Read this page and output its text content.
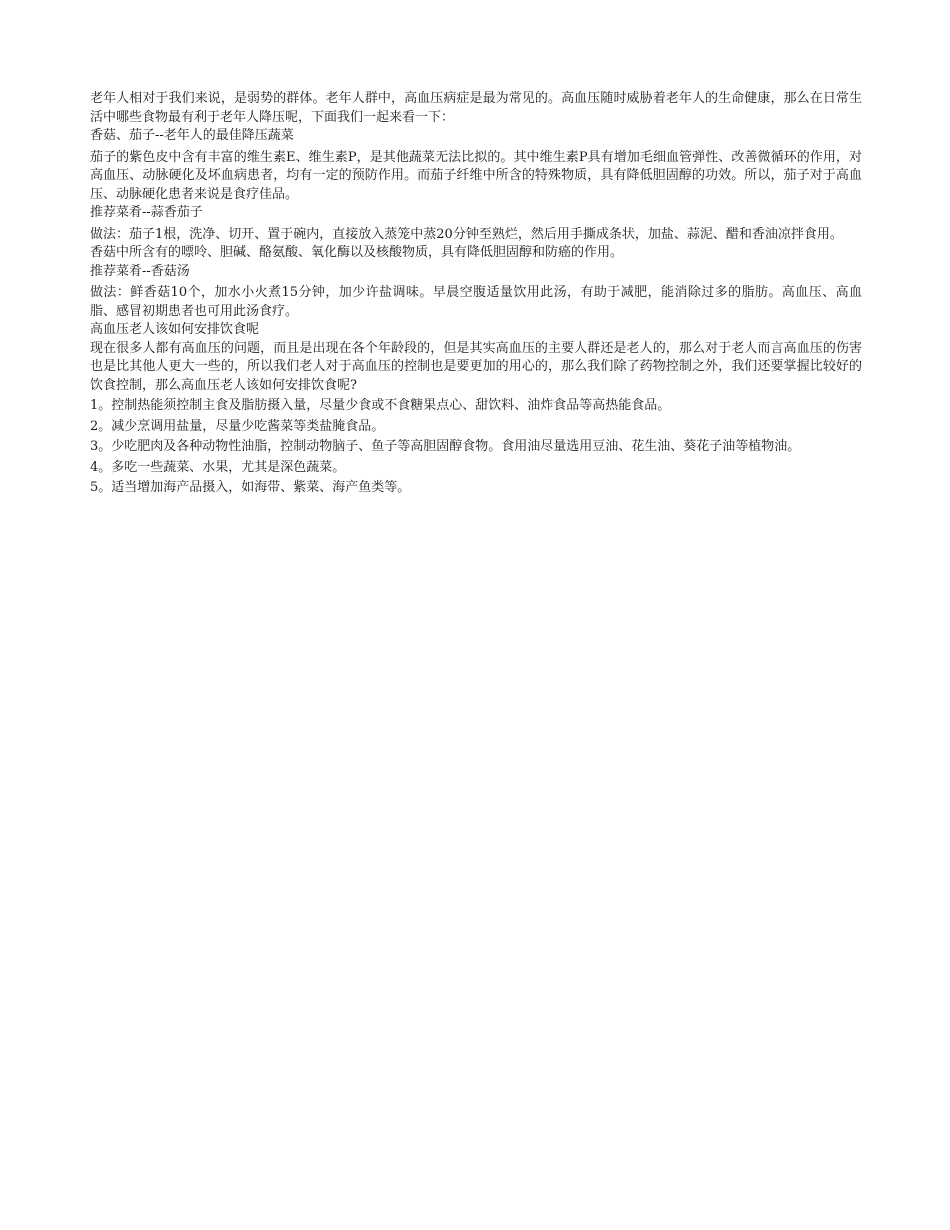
老年人相对于我们来说，是弱势的群体。老年人群中，高血压病症是最为常见的。高血压随时威胁着老年人的生命健康，那么在日常生活中哪些食物最有利于老年人降压呢，下面我们一起来看一下：

香菇、茄子--老年人的最佳降压蔬菜

茄子的紫色皮中含有丰富的维生素E、维生素P，是其他蔬菜无法比拟的。其中维生素P具有增加毛细血管弹性、改善微循环的作用，对高血压、动脉硬化及坏血病患者，均有一定的预防作用。而茄子纤维中所含的特殊物质，具有降低胆固醇的功效。所以，茄子对于高血压、动脉硬化患者来说是食疗佳品。

推荐菜肴--蒜香茄子

做法：茄子1根，洗净、切开、置于碗内，直接放入蒸笼中蒸20分钟至熟烂，然后用手撕成条状，加盐、蒜泥、醋和香油凉拌食用。

香菇中所含有的嘌呤、胆碱、酪氨酸、氧化酶以及核酸物质，具有降低胆固醇和防癌的作用。

推荐菜肴--香菇汤

做法：鲜香菇10个，加水小火煮15分钟，加少许盐调味。早晨空腹适量饮用此汤，有助于减肥，能消除过多的脂肪。高血压、高血脂、感冒初期患者也可用此汤食疗。

高血压老人该如何安排饮食呢

现在很多人都有高血压的问题，而且是出现在各个年龄段的，但是其实高血压的主要人群还是老人的，那么对于老人而言高血压的伤害也是比其他人更大一些的，所以我们老人对于高血压的控制也是要更加的用心的，那么我们除了药物控制之外，我们还要掌握比较好的饮食控制，那么高血压老人该如何安排饮食呢?

1。控制热能须控制主食及脂肪摄入量，尽量少食或不食糖果点心、甜饮料、油炸食品等高热能食品。
2。减少烹调用盐量，尽量少吃酱菜等类盐腌食品。
3。少吃肥肉及各种动物性油脂，控制动物脑子、鱼子等高胆固醇食物。食用油尽量选用豆油、花生油、葵花子油等植物油。
4。多吃一些蔬菜、水果，尤其是深色蔬菜。
5。适当增加海产品摄入，如海带、紫菜、海产鱼类等。
